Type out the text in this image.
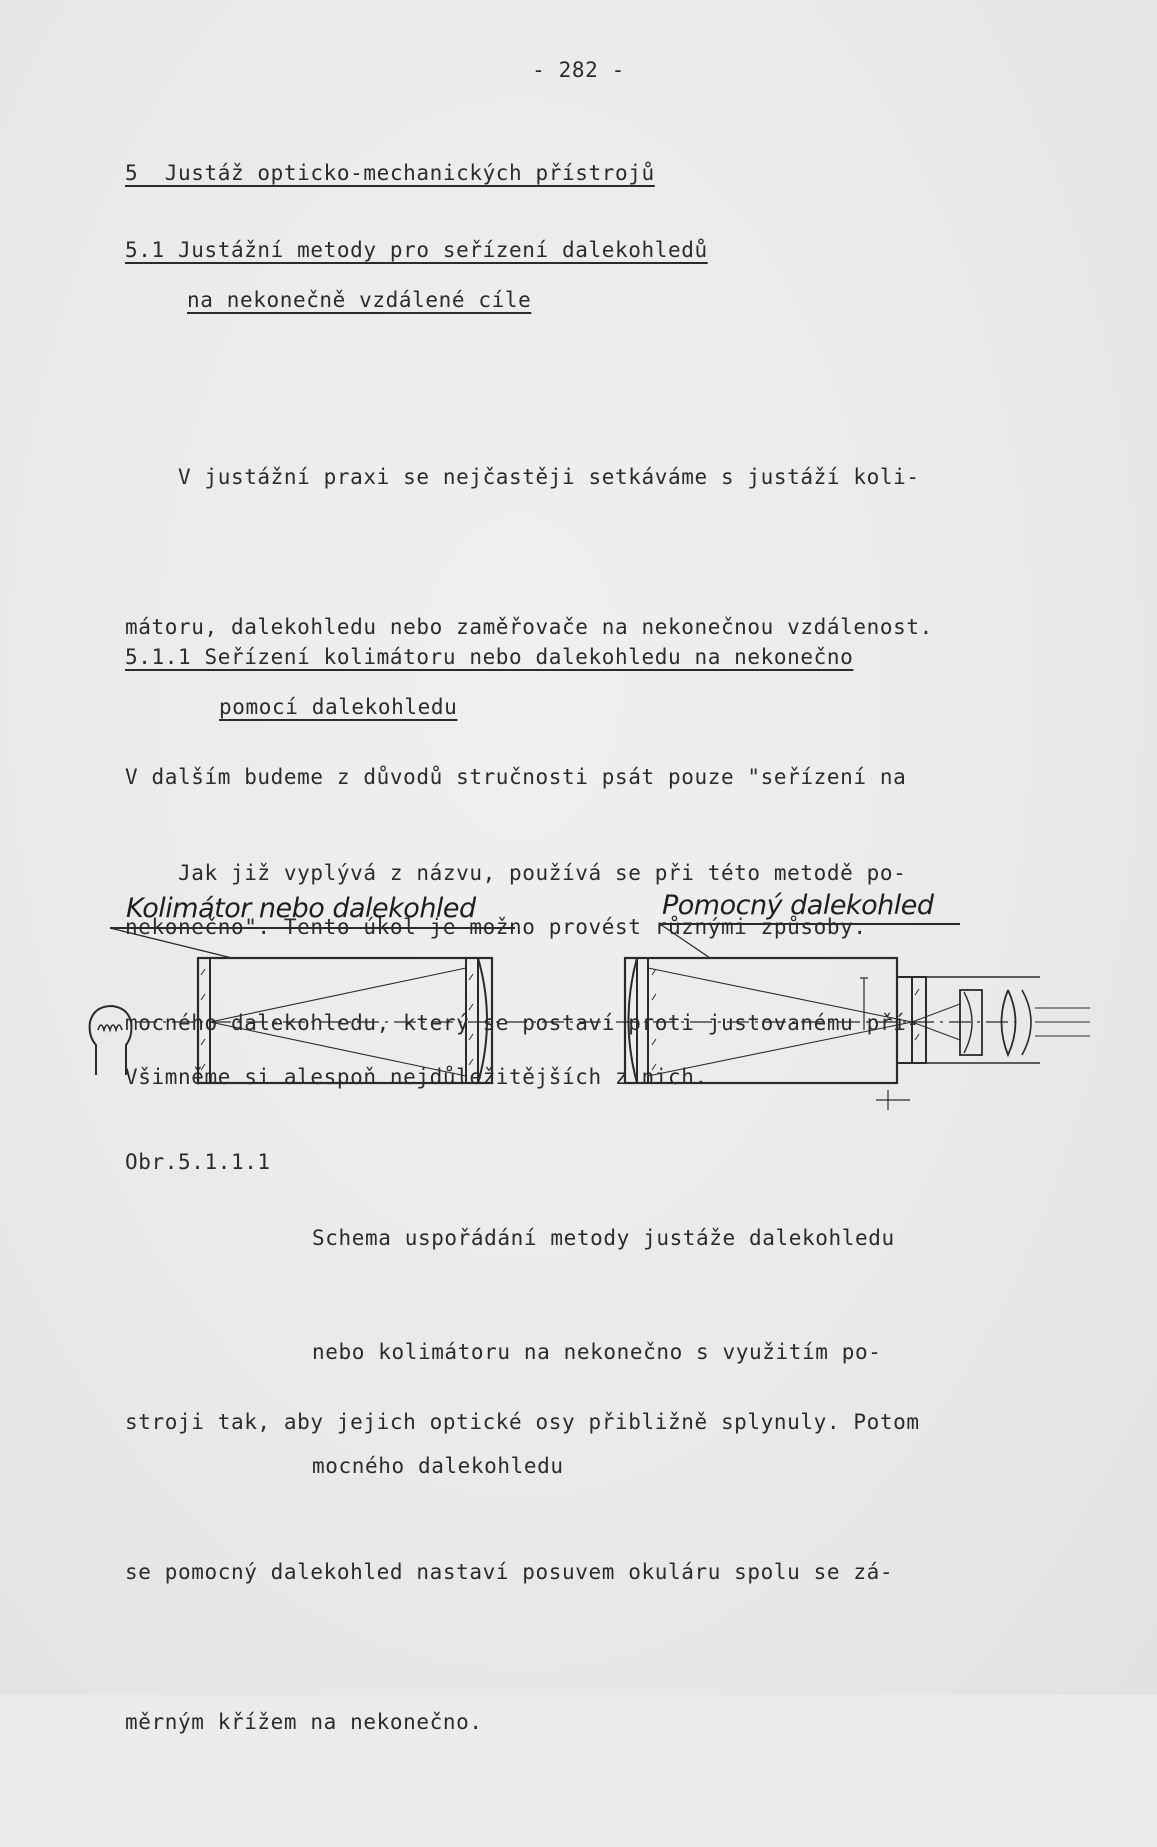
- 282 -
5  Justáž opticko-mechanických přístrojů
5.1 Justážní metody pro seřízení dalekohledů
na nekonečně vzdálené cíle

V justážní praxi se nejčastěji setkáváme s justáží koli-

mátoru, dalekohledu nebo zaměřovače na nekonečnou vzdálenost.

V dalším budeme z důvodů stručnosti psát pouze "seřízení na

nekonečno". Tento úkol je možno provést různými způsoby.

Všimněme si alespoň nejdůležitějších z nich.

5.1.1 Seřízení kolimátoru nebo dalekohledu na nekonečno
pomocí dalekohledu

Jak již vyplývá z názvu, používá se při této metodě po-

mocného dalekohledu, který se postaví proti justovanému pří-

Kolimátor nebo dalekohled	Pomocný dalekohled
Obr.5.1.1.1

Schema uspořádání metody justáže dalekohledu

nebo kolimátoru na nekonečno s využitím po-

mocného dalekohledu

stroji tak, aby jejich optické osy přibližně splynuly. Potom

se pomocný dalekohled nastaví posuvem okuláru spolu se zá-

měrným křížem na nekonečno.
